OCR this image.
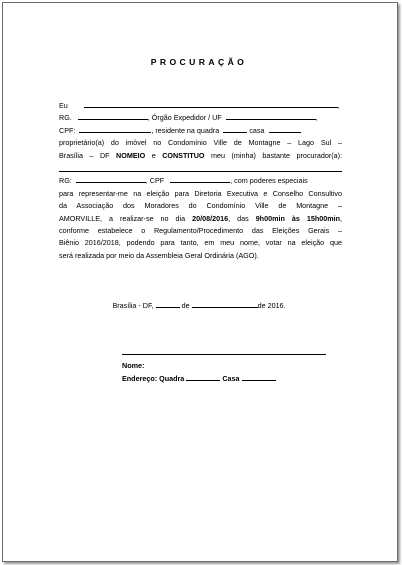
PROCURAÇÃO
Eu	,
RG.	, Órgão Expedidor / UF	,
CPF:	, residente na quadra	casa
proprietário(a) do imóvel no Condomínio Ville de Montagne – Lago Sul –
Brasília – DF NOMEIO e CONSTITUO meu (minha) bastante procurador(a):
RG:	, CPF	, com poderes especiais
para representar-me na eleição para Diretoria Executiva e Conselho Consultivo
da Associação dos Moradores do Condomínio Ville de Montagne –
AMORVILLE, a realizar-se no dia 20/08/2016, das 9h00min às 15h00min,
conforme estabelece o Regulamento/Procedimento das Eleições Gerais –
Biênio 2016/2018, podendo para tanto, em meu nome, votar na eleição que
será realizada por meio da Assembleia Geral Ordinária (AGO).
Brasília - DF,	de	de 2016.
Nome:
Endereço: Quadra	Casa
